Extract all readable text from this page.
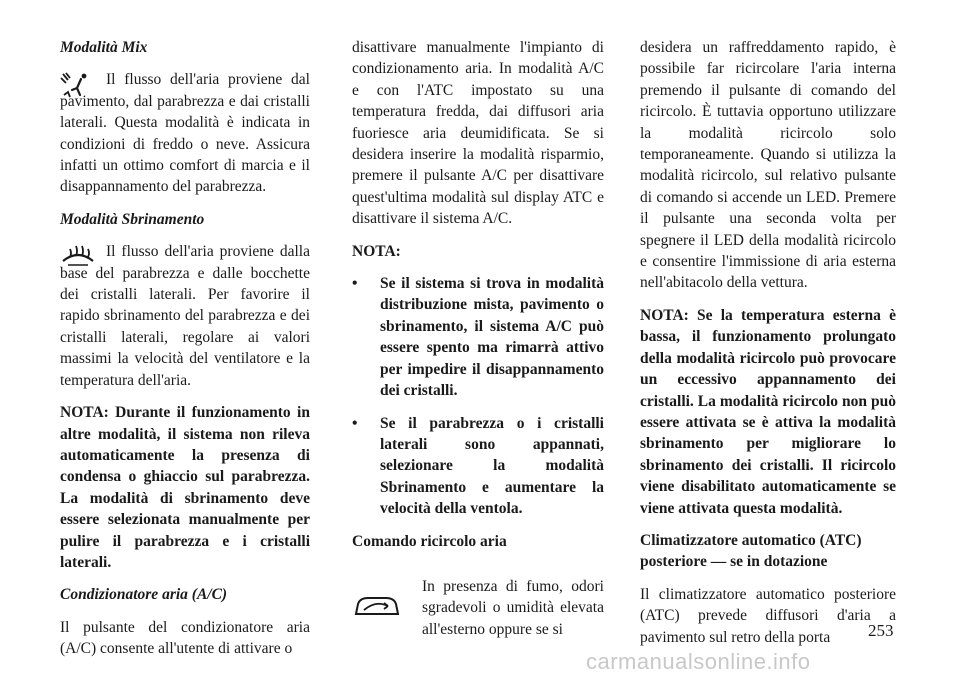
Modalità Mix

Il flusso dell'aria proviene dal pavimento, dal parabrezza e dai cristalli laterali. Questa modalità è indicata in condizioni di freddo o neve. Assicura infatti un ottimo comfort di marcia e il disappannamento del parabrezza.

Modalità Sbrinamento

Il flusso dell'aria proviene dalla base del parabrezza e dalle bocchette dei cristalli laterali. Per favorire il rapido sbrinamento del parabrezza e dei cristalli laterali, regolare ai valori massimi la velocità del ventilatore e la temperatura dell'aria.

NOTA: Durante il funzionamento in altre modalità, il sistema non rileva automaticamente la presenza di condensa o ghiaccio sul parabrezza. La modalità di sbrinamento deve essere selezionata manualmente per pulire il parabrezza e i cristalli laterali.

Condizionatore aria (A/C)

Il pulsante del condizionatore aria (A/C) consente all'utente di attivare o

disattivare manualmente l'impianto di condizionamento aria. In modalità A/C e con l'ATC impostato su una temperatura fredda, dai diffusori aria fuoriesce aria deumidificata. Se si desidera inserire la modalità risparmio, premere il pulsante A/C per disattivare quest'ultima modalità sul display ATC e disattivare il sistema A/C.

NOTA:

• Se il sistema si trova in modalità distribuzione mista, pavimento o sbrinamento, il sistema A/C può essere spento ma rimarrà attivo per impedire il disappannamento dei cristalli.
• Se il parabrezza o i cristalli laterali sono appannati, selezionare la modalità Sbrinamento e aumentare la velocità della ventola.

Comando ricircolo aria

In presenza di fumo, odori sgradevoli o umidità elevata all'esterno oppure se si

desidera un raffreddamento rapido, è possibile far ricircolare l'aria interna premendo il pulsante di comando del ricircolo. È tuttavia opportuno utilizzare la modalità ricircolo solo temporaneamente. Quando si utilizza la modalità ricircolo, sul relativo pulsante di comando si accende un LED. Premere il pulsante una seconda volta per spegnere il LED della modalità ricircolo e consentire l'immissione di aria esterna nell'abitacolo della vettura.

NOTA: Se la temperatura esterna è bassa, il funzionamento prolungato della modalità ricircolo può provocare un eccessivo appannamento dei cristalli. La modalità ricircolo non può essere attivata se è attiva la modalità sbrinamento per migliorare lo sbrinamento dei cristalli. Il ricircolo viene disabilitato automaticamente se viene attivata questa modalità.

Climatizzatore automatico (ATC) posteriore — se in dotazione

Il climatizzatore automatico posteriore (ATC) prevede diffusori d'aria a pavimento sul retro della porta	253
carmanualsonline.info
